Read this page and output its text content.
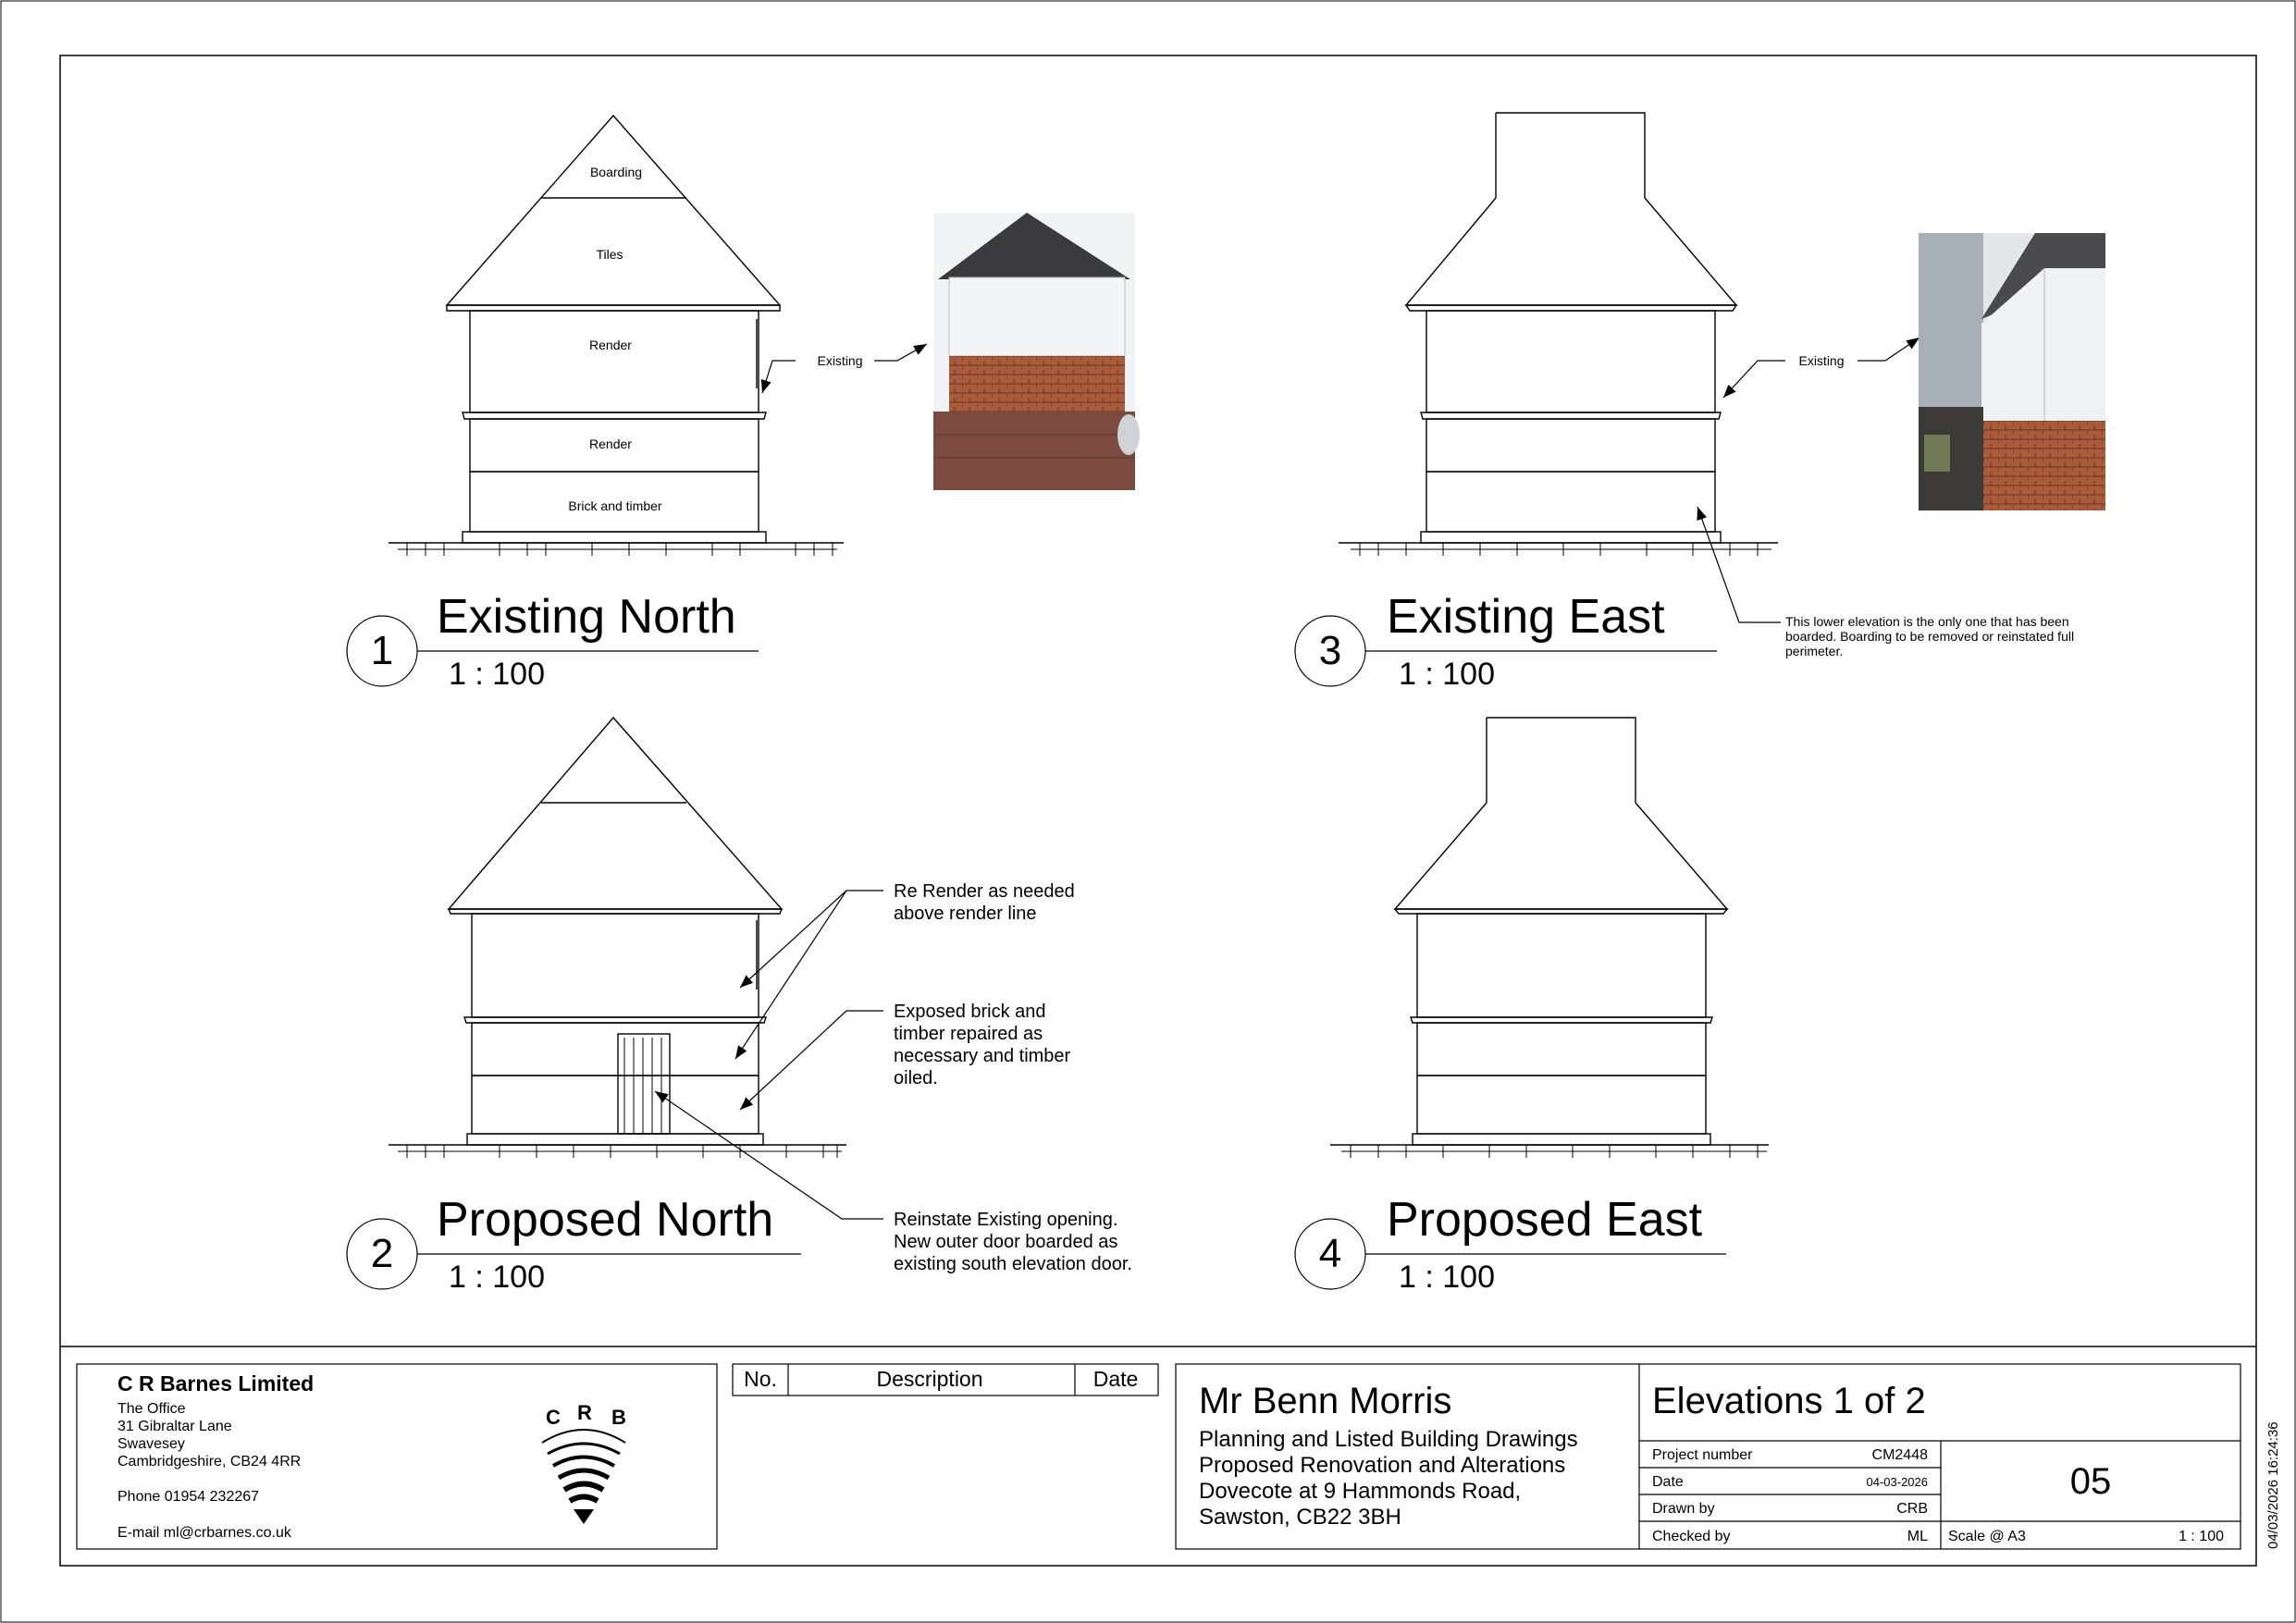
Boarding
Tiles
Render
Render
Brick and timber
Existing
1
Existing North
1 : 100
Existing
This lower elevation is the only one that has been boarded. Boarding to be removed or reinstated full perimeter.
3
Existing East
1 : 100
Re Render as needed above render line
Exposed brick and timber repaired as necessary and timber oiled.
Reinstate Existing opening. New outer door boarded as existing south elevation door.
2
Proposed North
1 : 100
4
Proposed East
1 : 100
C R Barnes Limited
The Office 31 Gibraltar Lane Swavesey Cambridgeshire, CB24 4RR
Phone 01954 232267
E-mail ml@crbarnes.co.uk
C R B
No.	Description	Date
Mr Benn Morris
Planning and Listed Building Drawings Proposed Renovation and Alterations Dovecote at 9 Hammonds Road, Sawston, CB22 3BH
Elevations 1 of 2
Project number	CM2448
Date	04-03-2026
Drawn by	CRB
Checked by	ML
05
Scale @ A3	1 : 100	04/03/2026 16:24:36
